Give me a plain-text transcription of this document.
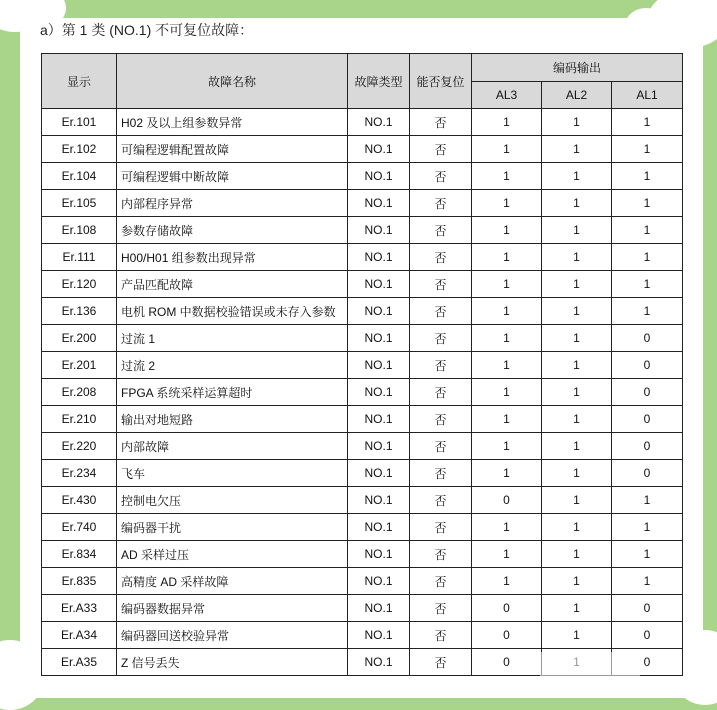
a）第 1 类 (NO.1) 不可复位故障：
显示	故障名称	故障类型	能否复位	编码输出		
				AL3	AL2	AL1
Er.101	H02 及以上组参数异常	NO.1	否	1	1	1
Er.102	可编程逻辑配置故障	NO.1	否	1	1	1
Er.104	可编程逻辑中断故障	NO.1	否	1	1	1
Er.105	内部程序异常	NO.1	否	1	1	1
Er.108	参数存储故障	NO.1	否	1	1	1
Er.111	H00/H01 组参数出现异常	NO.1	否	1	1	1
Er.120	产品匹配故障	NO.1	否	1	1	1
Er.136	电机 ROM 中数据校验错误或未存入参数	NO.1	否	1	1	1
Er.200	过流 1	NO.1	否	1	1	0
Er.201	过流 2	NO.1	否	1	1	0
Er.208	FPGA 系统采样运算超时	NO.1	否	1	1	0
Er.210	输出对地短路	NO.1	否	1	1	0
Er.220	内部故障	NO.1	否	1	1	0
Er.234	飞车	NO.1	否	1	1	0
Er.430	控制电欠压	NO.1	否	0	1	1
Er.740	编码器干扰	NO.1	否	1	1	1
Er.834	AD 采样过压	NO.1	否	1	1	1
Er.835	高精度 AD 采样故障	NO.1	否	1	1	1
Er.A33	编码器数据异常	NO.1	否	0	1	0
Er.A34	编码器回送校验异常	NO.1	否	0	1	0
Er.A35	Z 信号丢失	NO.1	否	0		0
